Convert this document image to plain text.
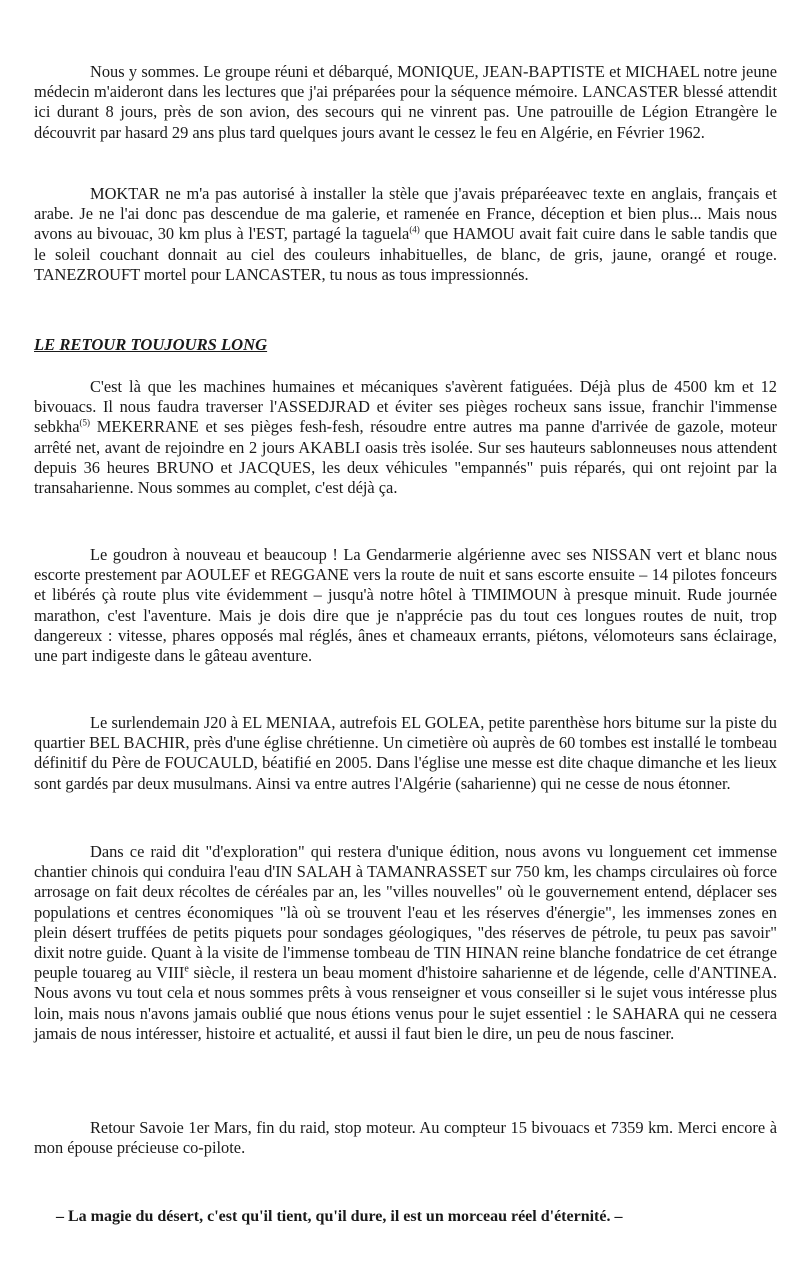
Nous y sommes. Le groupe réuni et débarqué, MONIQUE, JEAN-BAPTISTE et MICHAEL notre jeune médecin m'aideront dans les lectures que j'ai préparées pour la séquence mémoire. LANCASTER blessé attendit ici durant 8 jours, près de son avion, des secours qui ne vinrent pas. Une patrouille de Légion Etrangère le découvrit par hasard 29 ans plus tard quelques jours avant le cessez le feu en Algérie, en Février 1962.

MOKTAR ne m'a pas autorisé à installer la stèle que j'avais préparéeavec texte en anglais, français et arabe. Je ne l'ai donc pas descendue de ma galerie, et ramenée en France, déception et bien plus... Mais nous avons au bivouac, 30 km plus à l'EST, partagé la taguela$^{(4)}$ que HAMOU avait fait cuire dans le sable tandis que le soleil couchant donnait au ciel des couleurs inhabituelles, de blanc, de gris, jaune, orangé et rouge. TANEZROUFT mortel pour LANCASTER, tu nous as tous impressionnés.

LE RETOUR TOUJOURS LONG

C'est là que les machines humaines et mécaniques s'avèrent fatiguées. Déjà plus de 4500 km et 12 bivouacs. Il nous faudra traverser l'ASSEDJRAD et éviter ses pièges rocheux sans issue, franchir l'immense sebkha$^{(5)}$ MEKERRANE et ses pièges fesh-fesh, résoudre entre autres ma panne d'arrivée de gazole, moteur arrêté net, avant de rejoindre en 2 jours AKABLI oasis très isolée. Sur ses hauteurs sablonneuses nous attendent depuis 36 heures BRUNO et JACQUES, les deux véhicules "empannés" puis réparés, qui ont rejoint par la transaharienne. Nous sommes au complet, c'est déjà ça.

Le goudron à nouveau et beaucoup ! La Gendarmerie algérienne avec ses NISSAN vert et blanc nous escorte prestement par AOULEF et REGGANE vers la route de nuit et sans escorte ensuite – 14 pilotes fonceurs et libérés çà route plus vite évidemment – jusqu'à notre hôtel à TIMIMOUN à presque minuit. Rude journée marathon, c'est l'aventure. Mais je dois dire que je n'apprécie pas du tout ces longues routes de nuit, trop dangereux : vitesse, phares opposés mal réglés, ânes et chameaux errants, piétons, vélomoteurs sans éclairage, une part indigeste dans le gâteau aventure.

Le surlendemain J20 à EL MENIAA, autrefois EL GOLEA, petite parenthèse hors bitume sur la piste du quartier BEL BACHIR, près d'une église chrétienne. Un cimetière où auprès de 60 tombes est installé le tombeau définitif du Père de FOUCAULD, béatifié en 2005. Dans l'église une messe est dite chaque dimanche et les lieux sont gardés par deux musulmans. Ainsi va entre autres l'Algérie (saharienne) qui ne cesse de nous étonner.

Dans ce raid dit "d'exploration" qui restera d'unique édition, nous avons vu longuement cet immense chantier chinois qui conduira l'eau d'IN SALAH à TAMANRASSET sur 750 km, les champs circulaires où force arrosage on fait deux récoltes de céréales par an, les "villes nouvelles" où le gouvernement entend, déplacer ses populations et centres économiques "là où se trouvent l'eau et les réserves d'énergie", les immenses zones en plein désert truffées de petits piquets pour sondages géologiques, "des réserves de pétrole, tu peux pas savoir" dixit notre guide. Quant à la visite de l'immense tombeau de TIN HINAN reine blanche fondatrice de cet étrange peuple touareg au VIIIe siècle, il restera un beau moment d'histoire saharienne et de légende, celle d'ANTINEA. Nous avons vu tout cela et nous sommes prêts à vous renseigner et vous conseiller si le sujet vous intéresse plus loin, mais nous n'avons jamais oublié que nous étions venus pour le sujet essentiel : le SAHARA qui ne cessera jamais de nous intéresser, histoire et actualité, et aussi il faut bien le dire, un peu de nous fasciner.

Retour Savoie 1er Mars, fin du raid, stop moteur. Au compteur 15 bivouacs et 7359 km. Merci encore à mon épouse précieuse co-pilote.

– La magie du désert, c'est qu'il tient, qu'il dure, il est un morceau réel d'éternité. –
